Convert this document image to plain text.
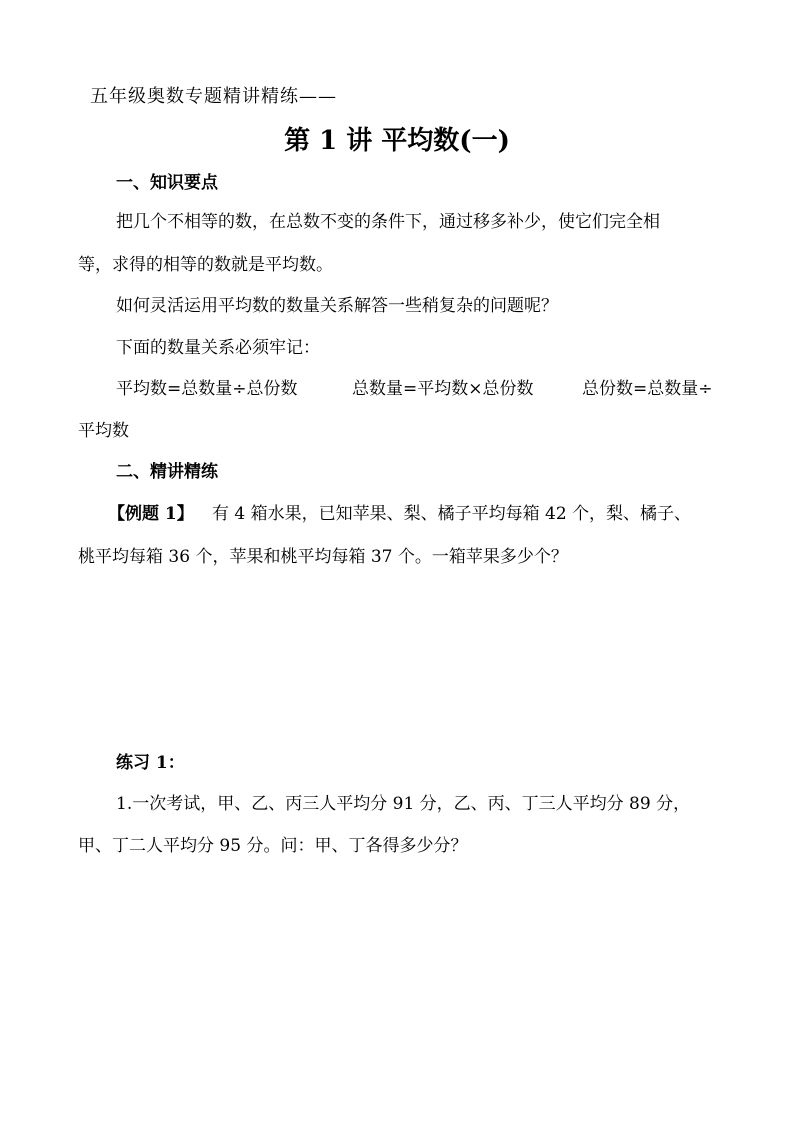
五年级奥数专题精讲精练——
第 1 讲 平均数(一)
一、知识要点
把几个不相等的数，在总数不变的条件下，通过移多补少，使它们完全相
等，求得的相等的数就是平均数。
如何灵活运用平均数的数量关系解答一些稍复杂的问题呢？
下面的数量关系必须牢记：
平均数=总数量÷总份数	总数量=平均数×总份数	总份数=总数量÷
平均数
二、精讲精练
【例题 1】 有 4 箱水果，已知苹果、梨、橘子平均每箱 42 个，梨、橘子、
桃平均每箱 36 个，苹果和桃平均每箱 37 个。一箱苹果多少个？
练习 1：
1.一次考试，甲、乙、丙三人平均分 91 分，乙、丙、丁三人平均分 89 分，
甲、丁二人平均分 95 分。问：甲、丁各得多少分？
